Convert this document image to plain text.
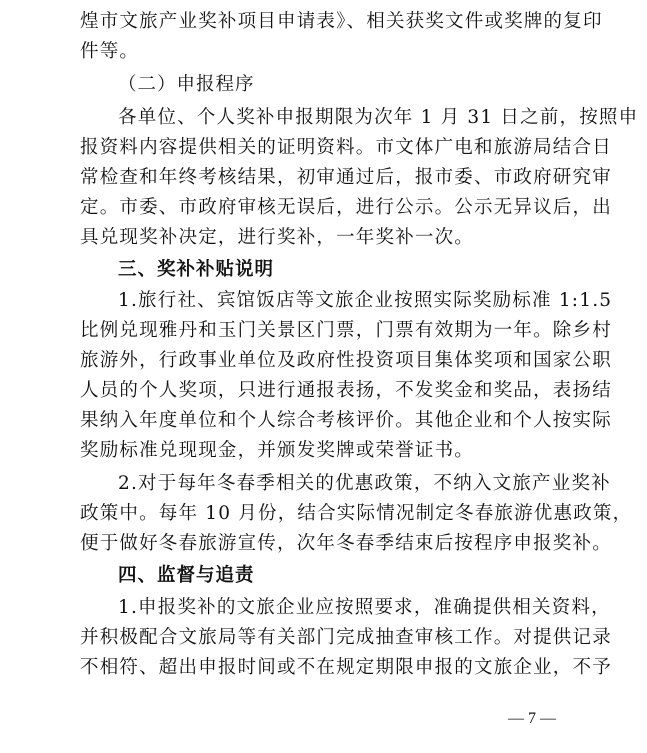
煌市文旅产业奖补项目申请表》、相关获奖文件或奖牌的复印
件等。
（二）申报程序
各单位、个人奖补申报期限为次年 1 月 31 日之前，按照申
报资料内容提供相关的证明资料。市文体广电和旅游局结合日
常检查和年终考核结果，初审通过后，报市委、市政府研究审
定。市委、市政府审核无误后，进行公示。公示无异议后，出
具兑现奖补决定，进行奖补，一年奖补一次。
三、奖补补贴说明
1.旅行社、宾馆饭店等文旅企业按照实际奖励标准 1:1.5
比例兑现雅丹和玉门关景区门票，门票有效期为一年。除乡村
旅游外，行政事业单位及政府性投资项目集体奖项和国家公职
人员的个人奖项，只进行通报表扬，不发奖金和奖品，表扬结
果纳入年度单位和个人综合考核评价。其他企业和个人按实际
奖励标准兑现现金，并颁发奖牌或荣誉证书。
2.对于每年冬春季相关的优惠政策，不纳入文旅产业奖补
政策中。每年 10 月份，结合实际情况制定冬春旅游优惠政策，
便于做好冬春旅游宣传，次年冬春季结束后按程序申报奖补。
四、监督与追责
1.申报奖补的文旅企业应按照要求，准确提供相关资料，
并积极配合文旅局等有关部门完成抽查审核工作。对提供记录
不相符、超出申报时间或不在规定期限申报的文旅企业，不予
— 7 —
